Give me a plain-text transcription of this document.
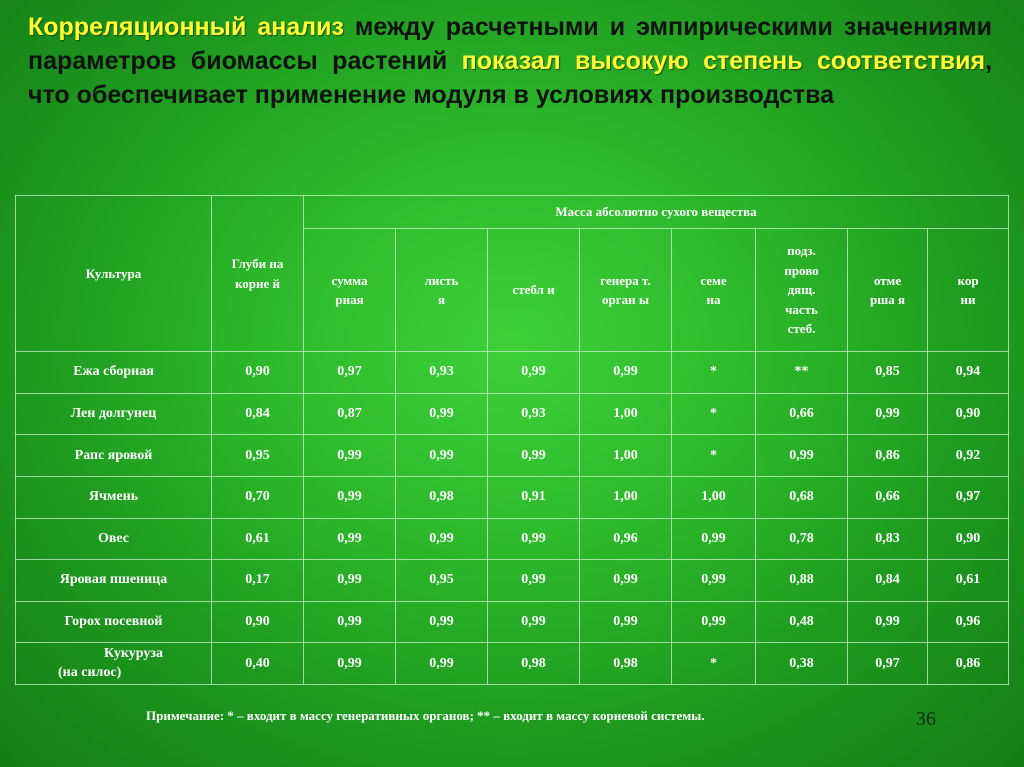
Корреляционный анализ между расчетными и эмпирическими значениями параметров биомассы растений показал высокую степень соответствия, что обеспечивает применение модуля в условиях производства
Культура	Глуби на корне й	Масса абсолютно сухого вещества							
		сумма рная	листь я	стебл и	генера т. орган ы	семе на	подз. прово дящ. часть стеб.	отме рша я	кор ни
Ежа сборная	0,90	0,97	0,93	0,99	0,99	*	**	0,85	0,94
Лен долгунец	0,84	0,87	0,99	0,93	1,00	*	0,66	0,99	0,90
Рапс яровой	0,95	0,99	0,99	0,99	1,00	*	0,99	0,86	0,92
Ячмень	0,70	0,99	0,98	0,91	1,00	1,00	0,68	0,66	0,97
Овес	0,61	0,99	0,99	0,99	0,96	0,99	0,78	0,83	0,90
Яровая пшеница	0,17	0,99	0,95	0,99	0,99	0,99	0,88	0,84	0,61
Горох посевной	0,90	0,99	0,99	0,99	0,99	0,99	0,48	0,99	0,96

Кукуруза
(на силос)	0,40	0,99	0,99	0,98	0,98	*	0,38	0,97	0,86
Примечание: * – входит в массу генеративных органов; ** – входит в массу корневой системы.	36
